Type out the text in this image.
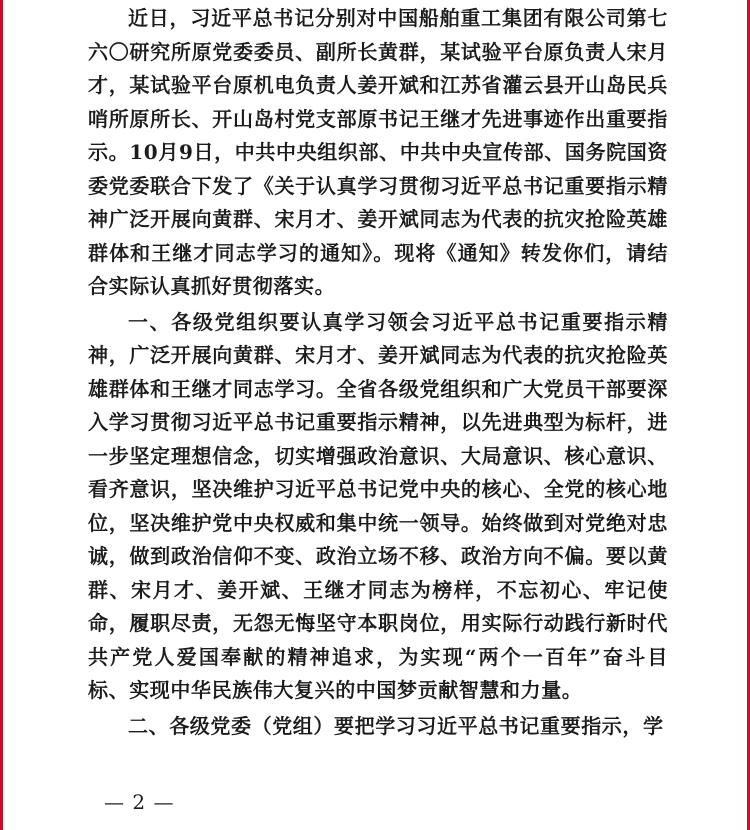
近日，习近平总书记分别对中国船舶重工集团有限公司第七六〇研究所原党委委员、副所长黄群，某试验平台原负责人宋月才，某试验平台原机电负责人姜开斌和江苏省灌云县开山岛民兵哨所原所长、开山岛村党支部原书记王继才先进事迹作出重要指示。10月9日，中共中央组织部、中共中央宣传部、国务院国资委党委联合下发了《关于认真学习贯彻习近平总书记重要指示精神广泛开展向黄群、宋月才、姜开斌同志为代表的抗灾抢险英雄群体和王继才同志学习的通知》。现将《通知》转发你们，请结合实际认真抓好贯彻落实。

一、各级党组织要认真学习领会习近平总书记重要指示精神，广泛开展向黄群、宋月才、姜开斌同志为代表的抗灾抢险英雄群体和王继才同志学习。全省各级党组织和广大党员干部要深入学习贯彻习近平总书记重要指示精神，以先进典型为标杆，进一步坚定理想信念，切实增强政治意识、大局意识、核心意识、看齐意识，坚决维护习近平总书记党中央的核心、全党的核心地位，坚决维护党中央权威和集中统一领导。始终做到对党绝对忠诚，做到政治信仰不变、政治立场不移、政治方向不偏。要以黄群、宋月才、姜开斌、王继才同志为榜样，不忘初心、牢记使命，履职尽责，无怨无悔坚守本职岗位，用实际行动践行新时代共产党人爱国奉献的精神追求，为实现“两个一百年”奋斗目标、实现中华民族伟大复兴的中国梦贡献智慧和力量。

二、各级党委（党组）要把学习习近平总书记重要指示，学

— 2 —
